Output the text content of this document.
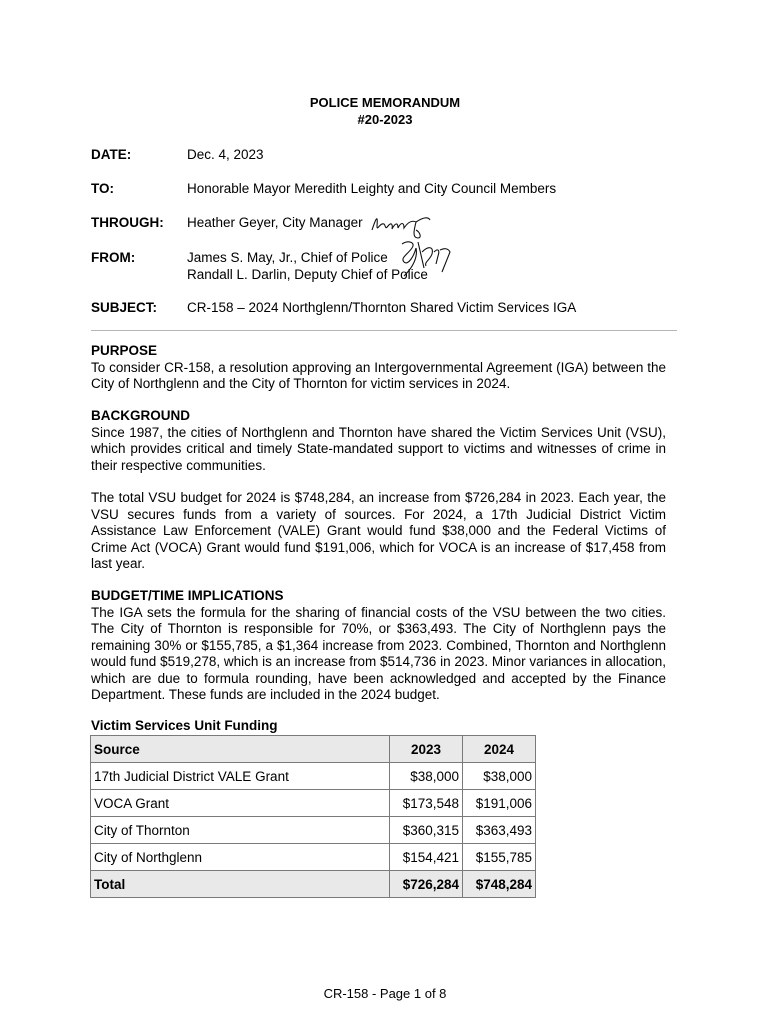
POLICE MEMORANDUM
#20-2023
DATE:	Dec. 4, 2023
TO:	Honorable Mayor Meredith Leighty and City Council Members
THROUGH: Heather Geyer, City Manager
FROM:	James S. May, Jr., Chief of Police
Randall L. Darlin, Deputy Chief of Police
SUBJECT: CR-158 – 2024 Northglenn/Thornton Shared Victim Services IGA
PURPOSE

To consider CR-158, a resolution approving an Intergovernmental Agreement (IGA) between the City of Northglenn and the City of Thornton for victim services in 2024.

BACKGROUND

Since 1987, the cities of Northglenn and Thornton have shared the Victim Services Unit (VSU), which provides critical and timely State-mandated support to victims and witnesses of crime in their respective communities.

The total VSU budget for 2024 is $748,284, an increase from $726,284 in 2023. Each year, the VSU secures funds from a variety of sources. For 2024, a 17th Judicial District Victim Assistance Law Enforcement (VALE) Grant would fund $38,000 and the Federal Victims of Crime Act (VOCA) Grant would fund $191,006, which for VOCA is an increase of $17,458 from last year.

BUDGET/TIME IMPLICATIONS

The IGA sets the formula for the sharing of financial costs of the VSU between the two cities. The City of Thornton is responsible for 70%, or $363,493. The City of Northglenn pays the remaining 30% or $155,785, a $1,364 increase from 2023. Combined, Thornton and Northglenn would fund $519,278, which is an increase from $514,736 in 2023. Minor variances in allocation, which are due to formula rounding, have been acknowledged and accepted by the Finance Department. These funds are included in the 2024 budget.

Victim Services Unit Funding
Source	2023	2024
17th Judicial District VALE Grant	$38,000	$38,000
VOCA Grant	$173,548	$191,006
City of Thornton	$360,315	$363,493
City of Northglenn	$154,421	$155,785
Total	$726,284	$748,284
CR-158 - Page 1 of 8
